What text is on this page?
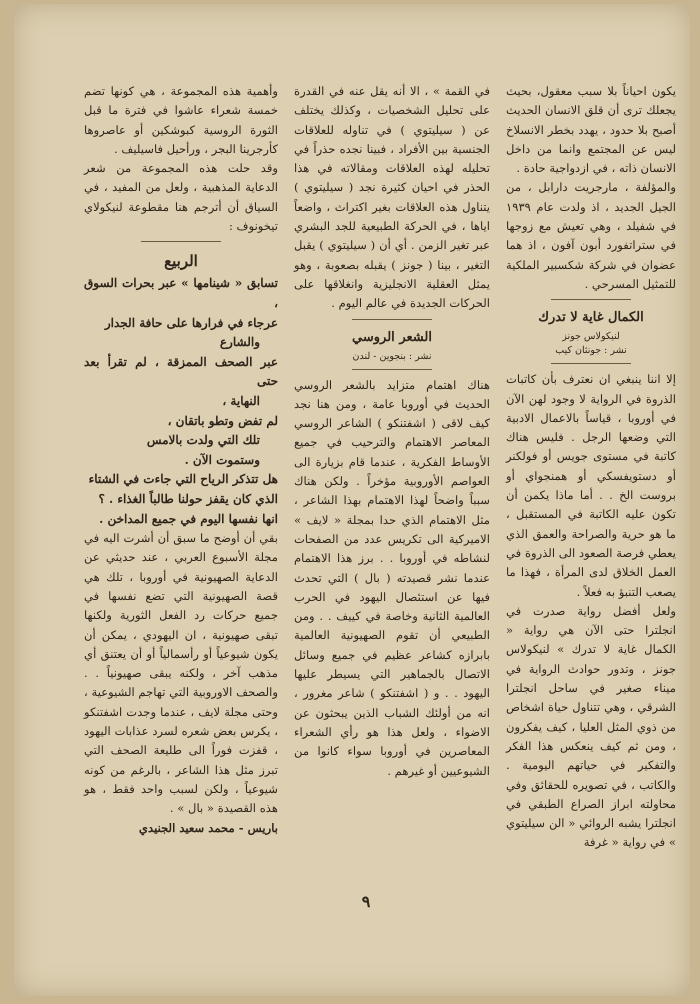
يكون احياناً بلا سبب معقول، بحيث يجعلك ترى أن قلق الانسان الحديث أصبح بلا حدود ، يهدد بخطر الانسلاخ ليس عن المجتمع وانما من داخل الانسان ذاته ، في ازدواجية حادة .

والمؤلفة ، مارجريت دارابل ، من الجيل الجديد ، اذ ولدت عام ١٩٣٩ في شفيلد ، وهي تعيش مع زوجها في ستراتفورد أبون آفون ، اذ هما عضوان في شركة شكسبير الملكية للتمثيل المسرحي .

الكمال غاية لا تدرك
لنيكولاس جونز
نشر : جونثان كيب

إلا اننا ينبغي ان نعترف بأن كاتبات الذروة في الرواية لا وجود لهن الآن في أوروبا ، قياساً بالاعمال الادبية التي وضعها الرجل . فليس هناك كاتبة في مستوى جويس أو فولكنر أو دستويفسكي أو همنجواي أو بروست الخ . . أما ماذا يكمن أن تكون عليه الكاتبة في المستقبل ، ما هو حرية والصراحة والعمق الذي يعطي فرصة الصعود الى الذروة في العمل الخلاق لدى المرأة ، فهذا ما يصعب التنبؤ به فعلاً .

ولعل أفضل رواية صدرت في انجلترا حتى الآن هي رواية « الكمال غاية لا تدرك » لنيكولاس جونز ، وتدور حوادث الرواية في ميناء صغير في ساحل انجلترا الشرقي ، وهي تتناول حياة اشخاص من ذوي المثل العليا ، كيف يفكرون ، ومن ثم كيف ينعكس هذا الفكر والتفكير في حياتهم اليومية . والكاتب ، في تصويره للحقائق وفي محاولته ابراز الصراع الطبقي في انجلترا يشبه الروائي « الن سيليتوي » في رواية « غرفة

في القمة » ، الا أنه يقل عنه في القدرة على تحليل الشخصيات ، وكذلك يختلف عن ( سيليتوي ) في تناوله للعلاقات الجنسية بين الأفراد ، فبينا نجده حذراً في تحليله لهذه العلاقات ومقالاته في هذا الحذر في احيان كثيرة نجد ( سيليتوي ) يتناول هذه العلاقات بغير اكتراث ، واضعاً اياها ، في الحركة الطبيعية للجد البشري عبر تغير الزمن . أي أن ( سيليتوي ) يقبل التغير ، بينا ( جونز ) يقبله بصعوبة ، وهو يمثل العقلية الانجليزية وانغلاقها على الحركات الجديدة في عالم اليوم .

الشعر الروسي
نشر : بنجوين - لندن

هناك اهتمام متزايد بالشعر الروسي الحديث في أوروبا عامة ، ومن هنا نجد كيف لاقى ( اشفتنكو ) الشاعر الروسي المعاصر الاهتمام والترحيب في جميع الأوساط الفكرية ، عندما قام بزيارة الى العواصم الأوروبية مؤخراً . ولكن هناك سبباً واضحاً لهذا الاهتمام بهذا الشاعر ، مثل الاهتمام الذي حدا بمجلة « لايف » الاميركية الى تكريس عدد من الصفحات لنشاطه في أوروبا . . برز هذا الاهتمام عندما نشر قصيدته ( بال ) التي تحدث فيها عن استئصال اليهود في الحرب العالمية الثانية وخاصة في كييف . . ومن الطبيعي أن تقوم الصهيونية العالمية بابرازه كشاعر عظيم في جميع وسائل الاتصال بالجماهير التي يسيطر عليها اليهود . . و ( اشفتنكو ) شاعر مغرور ، انه من أولئك الشباب الذين يبحثون عن الاضواء ، ولعل هذا هو رأي الشعراء المعاصرين في أوروبا سواء كانوا من الشيوعيين أو غيرهم .

وأهمية هذه المجموعة ، هي كونها تضم خمسة شعراء عاشوا في فترة ما قبل الثورة الروسية كبوشكين أو عاصروها كأرجرينا البجر ، ورأحيل فاسيليف .

وقد حلت هذه المجموعة من شعر الدعاية المذهبية ، ولعل من المفيد ، في السياق أن أترجم هنا مقطوعة لنيكولاي تيخونوف :

الربيع

تسابق « شينامها » عبر بحرات السوق ،

عرجاء في فرارها على حافة الجدار

والشارع

عبر الصحف الممزقة ، لم تقرأ بعد حتى

النهاية ،

لم تفض وتطو باتقان ،

تلك التي ولدت بالامس

وستموت الآن .

هل تتذكر الرياح التي جاءت في الشتاء

الذي كان يقفز حولنا طالباً الغذاء . ؟

انها نفسها اليوم في جميع المداخن .

بقي أن أوضح ما سبق أن أشرت اليه في مجلة الأسبوع العربي ، عند حديثي عن الدعاية الصهيونية في أوروبا ، تلك هي قصة الصهيونية التي تضع نفسها في جميع حركات رد الفعل الثورية ولكنها تبقى صهيونية ، ان اليهودي ، يمكن أن يكون شيوعياً أو رأسمالياً أو أن يعتنق أي مذهب آخر ، ولكنه يبقى صهيونياً . . والصحف الاوروبية التي تهاجم الشيوعية ، وحتى مجلة لايف ، عندما وجدت اشفتنكو ، يكرس بعض شعره لسرد عذابات اليهود ، قفزت فوراً الى طليعة الصحف التي تبرز مثل هذا الشاعر ، بالرغم من كونه شيوعياً ، ولكن لسبب واحد فقط ، هو هذه القصيدة « بال » .

باريس - محمد سعيد الجنيدي

٩
